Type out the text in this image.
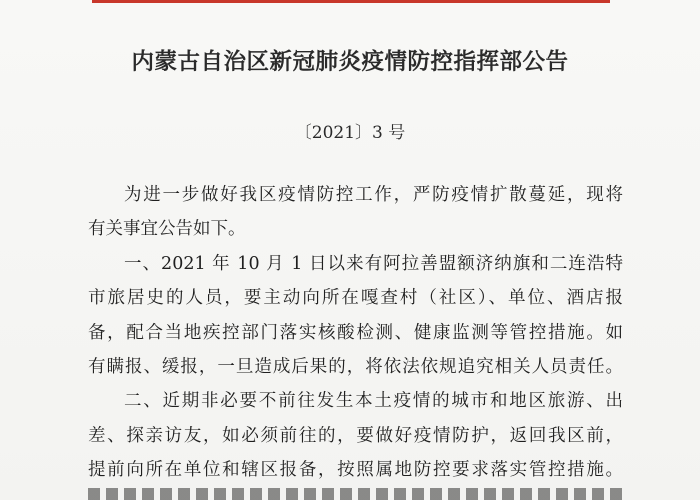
内蒙古自治区新冠肺炎疫情防控指挥部公告
〔2021〕3 号
为进一步做好我区疫情防控工作，严防疫情扩散蔓延，现将
有关事宜公告如下。
一、2021 年 10 月 1 日以来有阿拉善盟额济纳旗和二连浩特
市旅居史的人员，要主动向所在嘎查村（社区）、单位、酒店报
备，配合当地疾控部门落实核酸检测、健康监测等管控措施。如
有瞒报、缓报，一旦造成后果的，将依法依规追究相关人员责任。
二、近期非必要不前往发生本土疫情的城市和地区旅游、出
差、探亲访友，如必须前往的，要做好疫情防护，返回我区前，
提前向所在单位和辖区报备，按照属地防控要求落实管控措施。
